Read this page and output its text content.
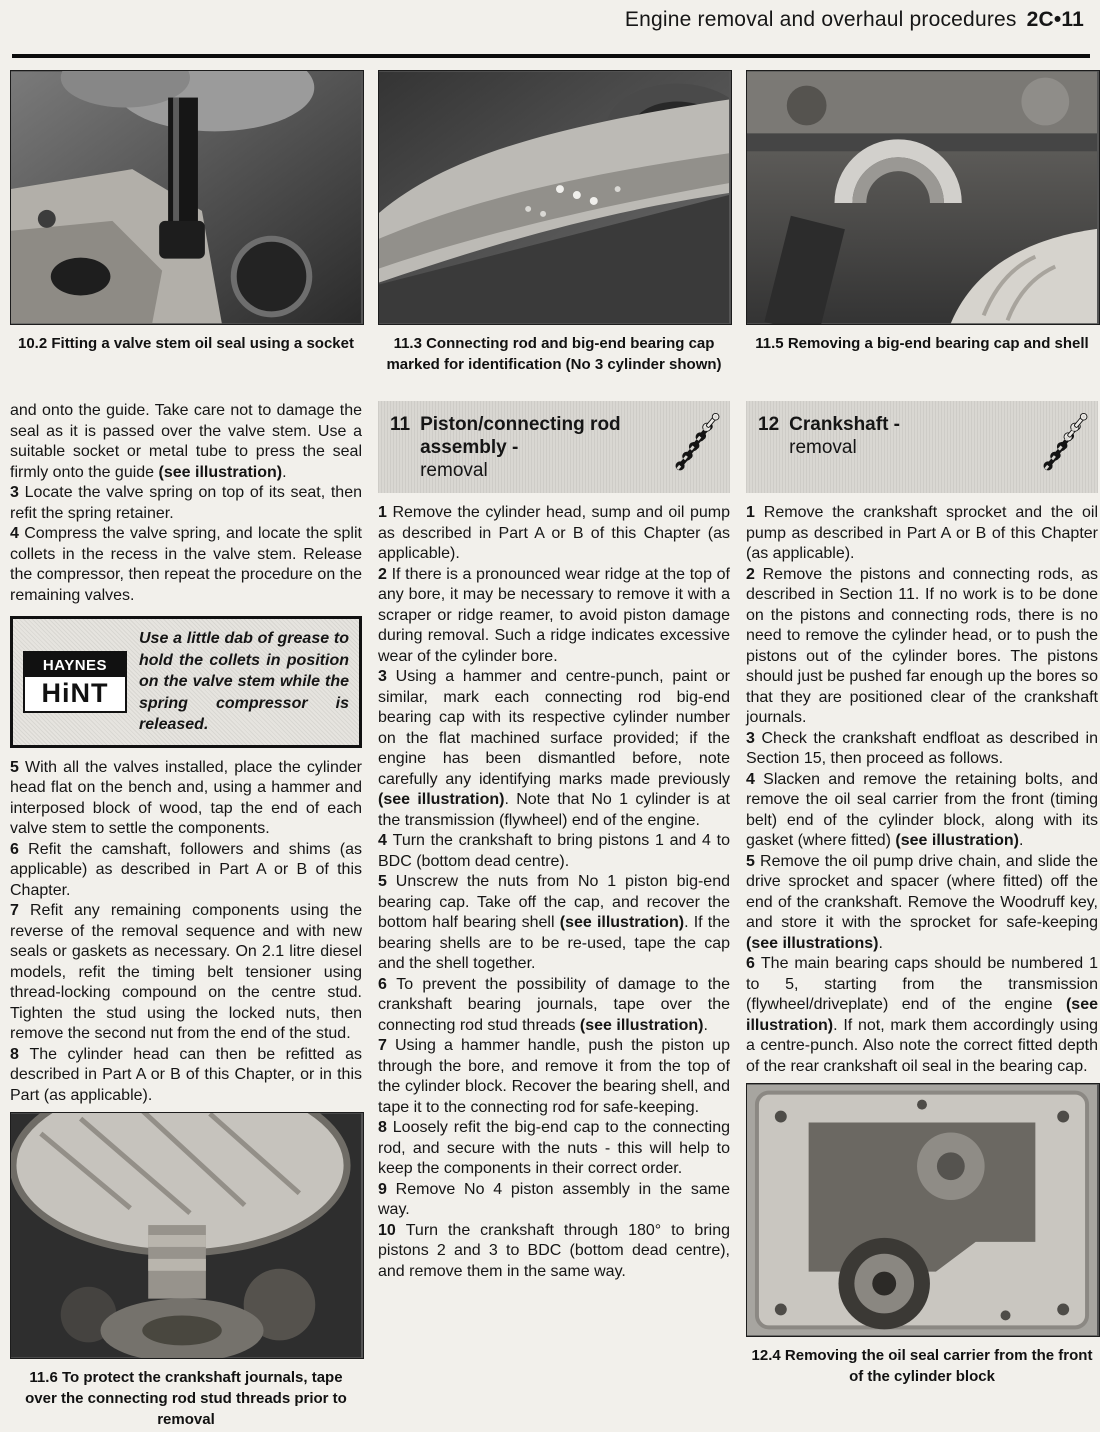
Engine removal and overhaul procedures 2C•11
10.2 Fitting a valve stem oil seal using a socket

and onto the guide. Take care not to damage the seal as it is passed over the valve stem. Use a suitable socket or metal tube to press the seal firmly onto the guide (see illustration).

3 Locate the valve spring on top of its seat, then refit the spring retainer.

4 Compress the valve spring, and locate the split collets in the recess in the valve stem. Release the compressor, then repeat the procedure on the remaining valves.

HAYNES
HiNT
Use a little dab of grease to hold the collets in position on the valve stem while the spring compressor is released.

5 With all the valves installed, place the cylinder head flat on the bench and, using a hammer and interposed block of wood, tap the end of each valve stem to settle the components.

6 Refit the camshaft, followers and shims (as applicable) as described in Part A or B of this Chapter.

7 Refit any remaining components using the reverse of the removal sequence and with new seals or gaskets as necessary. On 2.1 litre diesel models, refit the timing belt tensioner using thread-locking compound on the centre stud. Tighten the stud using the locked nuts, then remove the second nut from the end of the stud.

8 The cylinder head can then be refitted as described in Part A or B of this Chapter, or in this Part (as applicable).

11.6 To protect the crankshaft journals, tape over the connecting rod stud threads prior to removal
11.3 Connecting rod and big-end bearing cap marked for identification (No 3 cylinder shown)
11 Piston/connecting rod assembly -
removal

1 Remove the cylinder head, sump and oil pump as described in Part A or B of this Chapter (as applicable).

2 If there is a pronounced wear ridge at the top of any bore, it may be necessary to remove it with a scraper or ridge reamer, to avoid piston damage during removal. Such a ridge indicates excessive wear of the cylinder bore.

3 Using a hammer and centre-punch, paint or similar, mark each connecting rod big-end bearing cap with its respective cylinder number on the flat machined surface provided; if the engine has been dismantled before, note carefully any identifying marks made previously (see illustration). Note that No 1 cylinder is at the transmission (flywheel) end of the engine.

4 Turn the crankshaft to bring pistons 1 and 4 to BDC (bottom dead centre).

5 Unscrew the nuts from No 1 piston big-end bearing cap. Take off the cap, and recover the bottom half bearing shell (see illustration). If the bearing shells are to be re-used, tape the cap and the shell together.

6 To prevent the possibility of damage to the crankshaft bearing journals, tape over the connecting rod stud threads (see illustration).

7 Using a hammer handle, push the piston up through the bore, and remove it from the top of the cylinder block. Recover the bearing shell, and tape it to the connecting rod for safe-keeping.

8 Loosely refit the big-end cap to the connecting rod, and secure with the nuts - this will help to keep the components in their correct order.

9 Remove No 4 piston assembly in the same way.

10 Turn the crankshaft through 180° to bring pistons 2 and 3 to BDC (bottom dead centre), and remove them in the same way.

11.5 Removing a big-end bearing cap and shell
12 Crankshaft -
removal

1 Remove the crankshaft sprocket and the oil pump as described in Part A or B of this Chapter (as applicable).

2 Remove the pistons and connecting rods, as described in Section 11. If no work is to be done on the pistons and connecting rods, there is no need to remove the cylinder head, or to push the pistons out of the cylinder bores. The pistons should just be pushed far enough up the bores so that they are positioned clear of the crankshaft journals.

3 Check the crankshaft endfloat as described in Section 15, then proceed as follows.

4 Slacken and remove the retaining bolts, and remove the oil seal carrier from the front (timing belt) end of the cylinder block, along with its gasket (where fitted) (see illustration).

5 Remove the oil pump drive chain, and slide the drive sprocket and spacer (where fitted) off the end of the crankshaft. Remove the Woodruff key, and store it with the sprocket for safe-keeping (see illustrations).

6 The main bearing caps should be numbered 1 to 5, starting from the transmission (flywheel/driveplate) end of the engine (see illustration). If not, mark them accordingly using a centre-punch. Also note the correct fitted depth of the rear crankshaft oil seal in the bearing cap.

12.4 Removing the oil seal carrier from the front of the cylinder block
